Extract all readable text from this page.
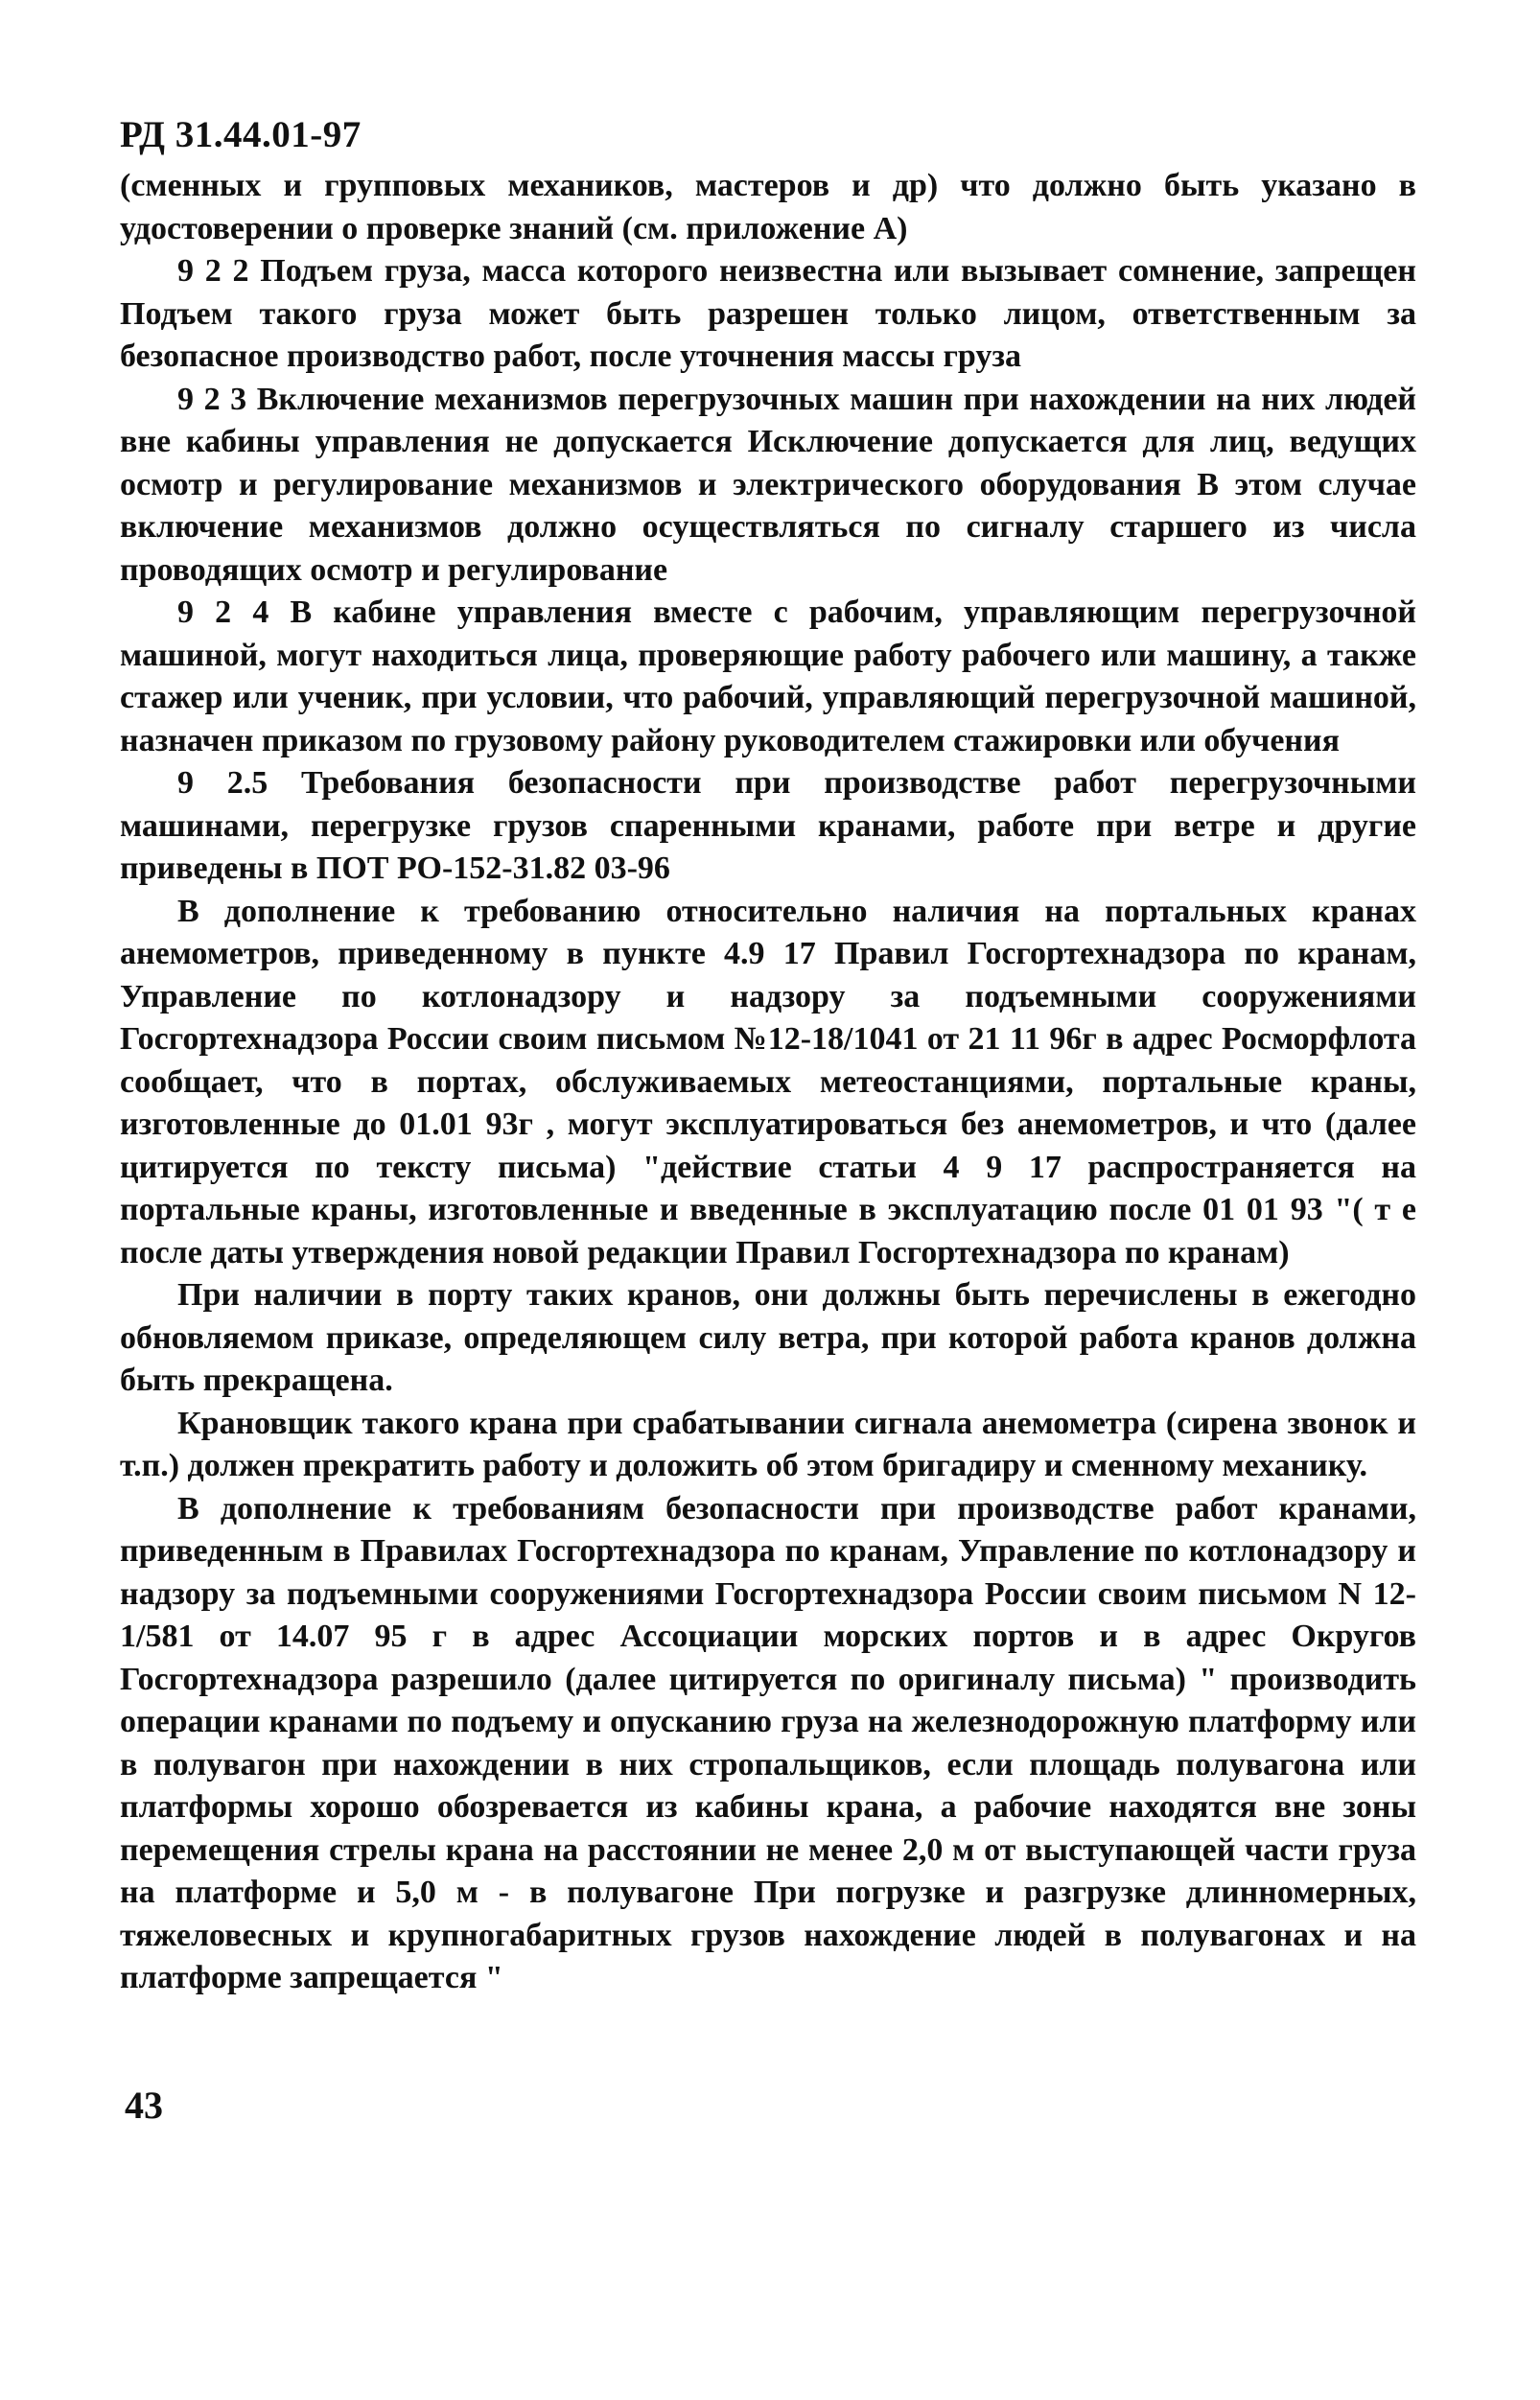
РД 31.44.01-97

(сменных и групповых механиков, мастеров и др) что должно быть указано в удостоверении о проверке знаний (см. приложение А)

9 2 2 Подъем груза, масса которого неизвестна или вызывает сомнение, запрещен Подъем такого груза может быть разрешен только лицом, ответственным за безопасное производство работ, после уточнения массы груза

9 2 3 Включение механизмов перегрузочных машин при нахождении на них людей вне кабины управления не допускается Исключение допускается для лиц, ведущих осмотр и регулирование механизмов и электрического оборудования В этом случае включение механизмов должно осуществляться по сигналу старшего из числа проводящих осмотр и регулирование

9 2 4 В кабине управления вместе с рабочим, управляющим перегрузочной машиной, могут находиться лица, проверяющие работу рабочего или машину, а также стажер или ученик, при условии, что рабочий, управляющий перегрузочной машиной, назначен приказом по грузовому району руководителем стажировки или обучения

9 2.5 Требования безопасности при производстве работ перегрузочными машинами, перегрузке грузов спаренными кранами, работе при ветре и другие приведены в ПОТ РО-152-31.82 03-96

В дополнение к требованию относительно наличия на портальных кранах анемометров, приведенному в пункте 4.9 17 Правил Госгортехнадзора по кранам, Управление по котлонадзору и надзору за подъемными сооружениями Госгортехнадзора России своим письмом №12-18/1041 от 21 11 96г в адрес Росморфлота сообщает, что в портах, обслуживаемых метеостанциями, портальные краны, изготовленные до 01.01 93г , могут эксплуатироваться без анемометров, и что (далее цитируется по тексту письма) "действие статьи 4 9 17 распространяется на портальные краны, изготовленные и введенные в эксплуатацию после 01 01 93 "( т е после даты утверждения новой редакции Правил Госгортехнадзора по кранам)

При наличии в порту таких кранов, они должны быть перечислены в ежегодно обновляемом приказе, определяющем силу ветра, при которой работа кранов должна быть прекращена.

Крановщик такого крана при срабатывании сигнала анемометра (сирена звонок и т.п.) должен прекратить работу и доложить об этом бригадиру и сменному механику.

В дополнение к требованиям безопасности при производстве работ кранами, приведенным в Правилах Госгортехнадзора по кранам, Управление по котлонадзору и надзору за подъемными сооружениями Госгортехнадзора России своим письмом N 12-1/581 от 14.07 95 г в адрес Ассоциации морских портов и в адрес Округов Госгортехнадзора разрешило (далее цитируется по оригиналу письма) " производить операции кранами по подъему и опусканию груза на железнодорожную платформу или в полувагон при нахождении в них стропальщиков, если площадь полувагона или платформы хорошо обозревается из кабины крана, а рабочие находятся вне зоны перемещения стрелы крана на расстоянии не менее 2,0 м от выступающей части груза на платформе и 5,0 м - в полувагоне При погрузке и разгрузке длинномерных, тяжеловесных и крупногабаритных грузов нахождение людей в полувагонах и на платформе запрещается "

43
